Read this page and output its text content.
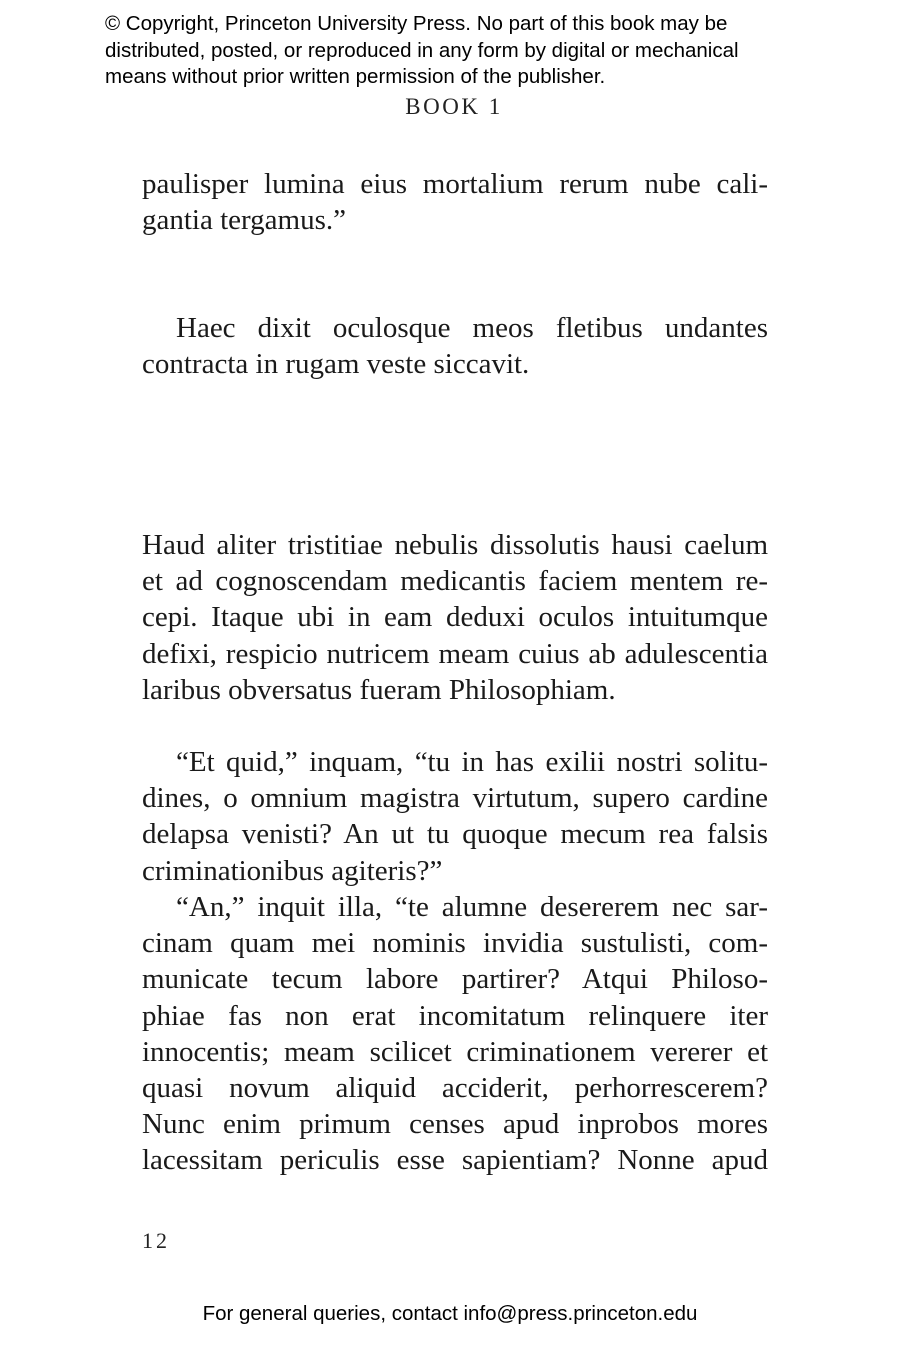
© Copyright, Princeton University Press. No part of this book may be
distributed, posted, or reproduced in any form by digital or mechanical
means without prior written permission of the publisher.
BOOK 1
paulisper lumina eius mortalium rerum nube cali-
gantia tergamus.”
Haec dixit oculosque meos fletibus undantes
contracta in rugam veste siccavit.
Haud aliter tristitiae nebulis dissolutis hausi caelum
et ad cognoscendam medicantis faciem mentem re-
cepi. Itaque ubi in eam deduxi oculos intuitumque
defixi, respicio nutricem meam cuius ab adulescentia
laribus obversatus fueram Philosophiam.
“Et quid,” inquam, “tu in has exilii nostri solitu-
dines, o omnium magistra virtutum, supero cardine
delapsa venisti? An ut tu quoque mecum rea falsis
criminationibus agiteris?”
“An,” inquit illa, “te alumne desererem nec sar-
cinam quam mei nominis invidia sustulisti, com-
municate tecum labore partirer? Atqui Philoso-
phiae fas non erat incomitatum relinquere iter
innocentis; meam scilicet criminationem vererer et
quasi novum aliquid acciderit, perhorrescerem?
Nunc enim primum censes apud inprobos mores
lacessitam periculis esse sapientiam? Nonne apud
12
For general queries, contact info@press.princeton.edu
